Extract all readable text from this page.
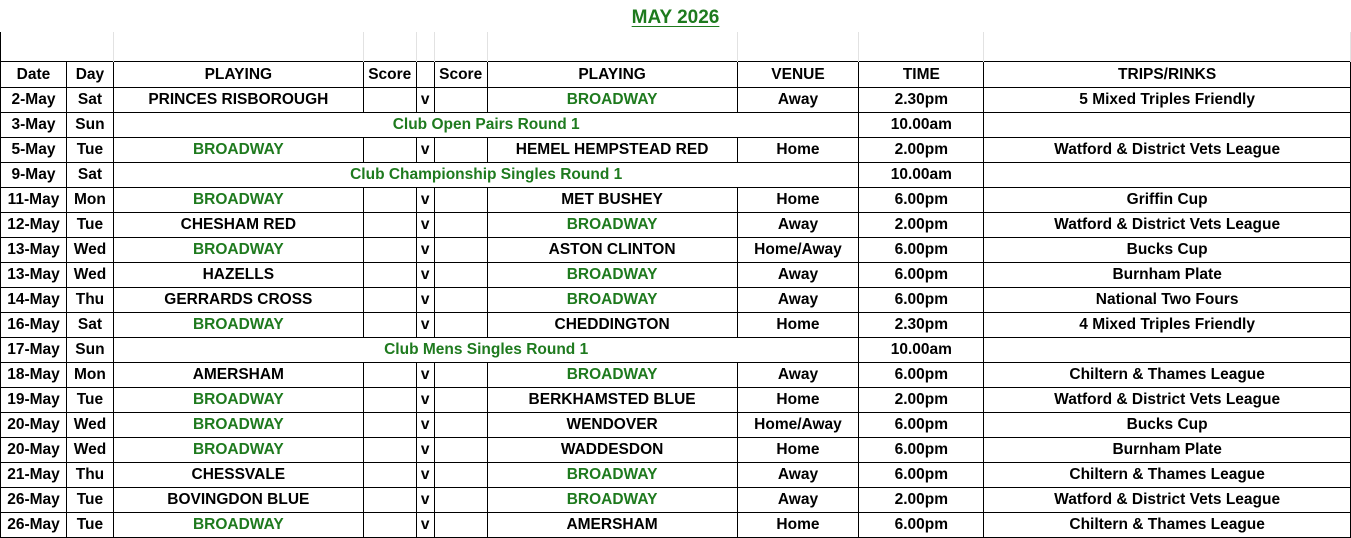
MAY 2026

Date	Day	PLAYING	Score		Score	PLAYING	VENUE	TIME	TRIPS/RINKS
2-May	Sat	PRINCES RISBOROUGH		v		BROADWAY	Away	2.30pm	5 Mixed Triples Friendly
3-May	Sun	Club Open Pairs Round 1						10.00am	
5-May	Tue	BROADWAY		v		HEMEL HEMPSTEAD RED	Home	2.00pm	Watford & District Vets League
9-May	Sat	Club Championship Singles Round 1						10.00am	
11-May	Mon	BROADWAY		v		MET BUSHEY	Home	6.00pm	Griffin Cup
12-May	Tue	CHESHAM RED		v		BROADWAY	Away	2.00pm	Watford & District Vets League
13-May	Wed	BROADWAY		v		ASTON CLINTON	Home/Away	6.00pm	Bucks Cup
13-May	Wed	HAZELLS		v		BROADWAY	Away	6.00pm	Burnham Plate
14-May	Thu	GERRARDS CROSS		v		BROADWAY	Away	6.00pm	National Two Fours
16-May	Sat	BROADWAY		v		CHEDDINGTON	Home	2.30pm	4 Mixed Triples Friendly
17-May	Sun	Club Mens Singles Round 1						10.00am	
18-May	Mon	AMERSHAM		v		BROADWAY	Away	6.00pm	Chiltern & Thames League
19-May	Tue	BROADWAY		v		BERKHAMSTED BLUE	Home	2.00pm	Watford & District Vets League
20-May	Wed	BROADWAY		v		WENDOVER	Home/Away	6.00pm	Bucks Cup
20-May	Wed	BROADWAY		v		WADDESDON	Home	6.00pm	Burnham Plate
21-May	Thu	CHESSVALE		v		BROADWAY	Away	6.00pm	Chiltern & Thames League
26-May	Tue	BOVINGDON BLUE		v		BROADWAY	Away	2.00pm	Watford & District Vets League
26-May	Tue	BROADWAY		v		AMERSHAM	Home	6.00pm	Chiltern & Thames League
